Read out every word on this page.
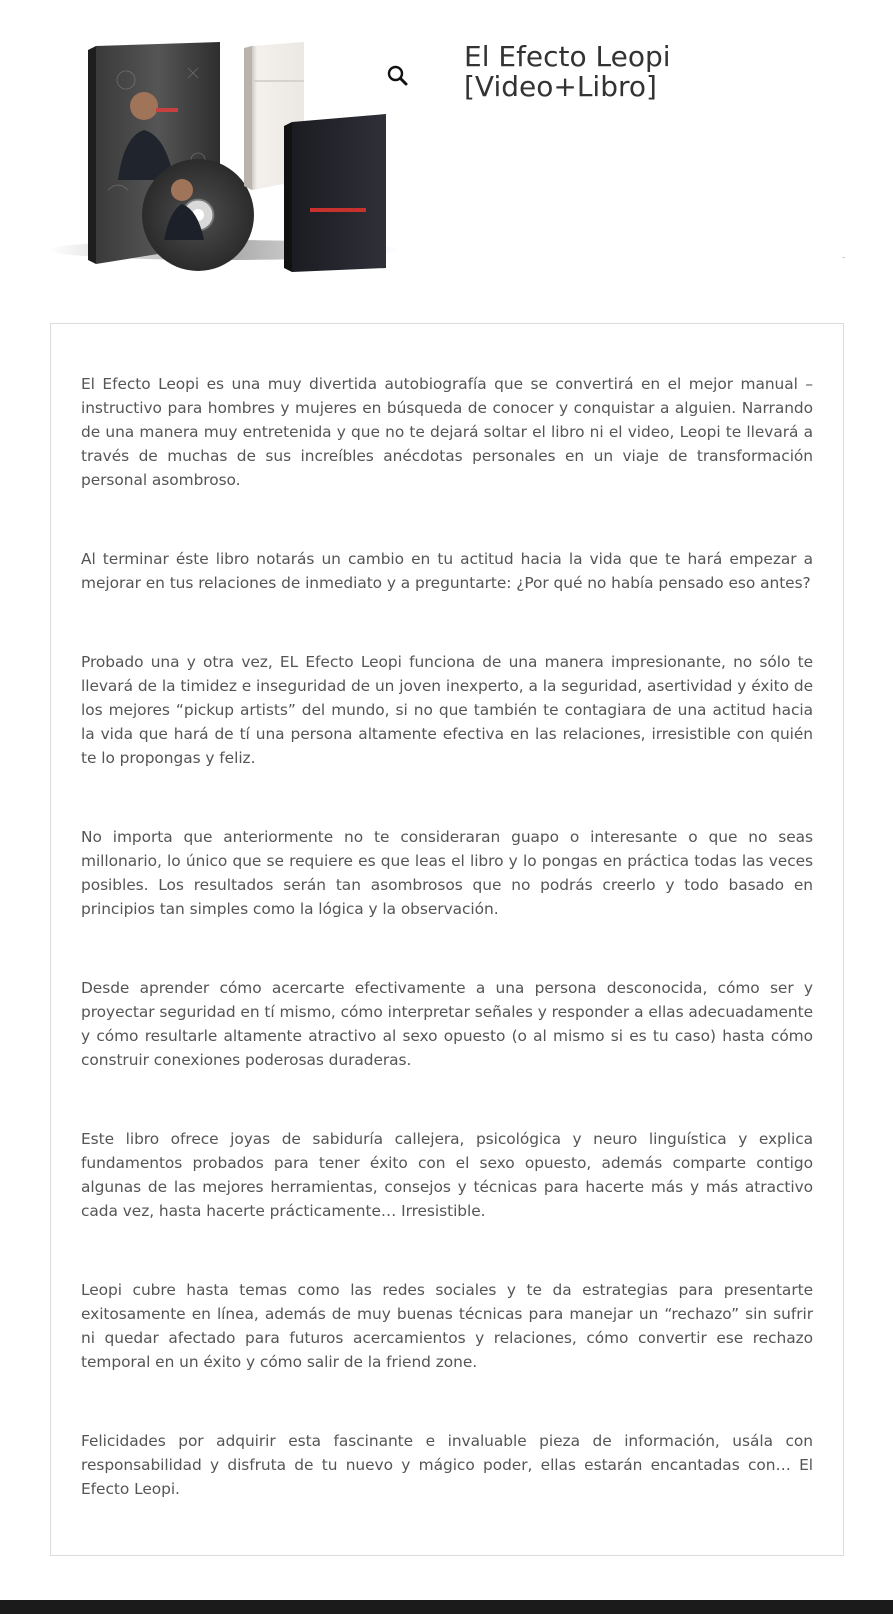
El Efecto Leopi [Video+Libro]

El Efecto Leopi es una muy divertida autobiografía que se convertirá en el mejor manual – instructivo para hombres y mujeres en búsqueda de conocer y conquistar a alguien. Narrando de una manera muy entretenida y que no te dejará soltar el libro ni el video, Leopi te llevará a través de muchas de sus increíbles anécdotas personales en un viaje de transformación personal asombroso.

Al terminar éste libro notarás un cambio en tu actitud hacia la vida que te hará empezar a mejorar en tus relaciones de inmediato y a preguntarte: ¿Por qué no había pensado eso antes?

Probado una y otra vez, EL Efecto Leopi funciona de una manera impresionante, no sólo te llevará de la timidez e inseguridad de un joven inexperto, a la seguridad, asertividad y éxito de los mejores “pickup artists” del mundo, si no que también te contagiara de una actitud hacia la vida que hará de tí una persona altamente efectiva en las relaciones, irresistible con quién te lo propongas y feliz.

No importa que anteriormente no te consideraran guapo o interesante o que no seas millonario, lo único que se requiere es que leas el libro y lo pongas en práctica todas las veces posibles. Los resultados serán tan asombrosos que no podrás creerlo y todo basado en principios tan simples como la lógica y la observación.

Desde aprender cómo acercarte efectivamente a una persona desconocida, cómo ser y proyectar seguridad en tí mismo, cómo interpretar señales y responder a ellas adecuadamente y cómo resultarle altamente atractivo al sexo opuesto (o al mismo si es tu caso) hasta cómo construir conexiones poderosas duraderas.

Este libro ofrece joyas de sabiduría callejera, psicológica y neuro linguística y explica fundamentos probados para tener éxito con el sexo opuesto, además comparte contigo algunas de las mejores herramientas, consejos y técnicas para hacerte más y más atractivo cada vez, hasta hacerte prácticamente… Irresistible.

Leopi cubre hasta temas como las redes sociales y te da estrategias para presentarte exitosamente en línea, además de muy buenas técnicas para manejar un “rechazo” sin sufrir ni quedar afectado para futuros acercamientos y relaciones, cómo convertir ese rechazo temporal en un éxito y cómo salir de la friend zone.

Felicidades por adquirir esta fascinante e invaluable pieza de información, usála con responsabilidad y disfruta de tu nuevo y mágico poder, ellas estarán encantadas con… El Efecto Leopi.
